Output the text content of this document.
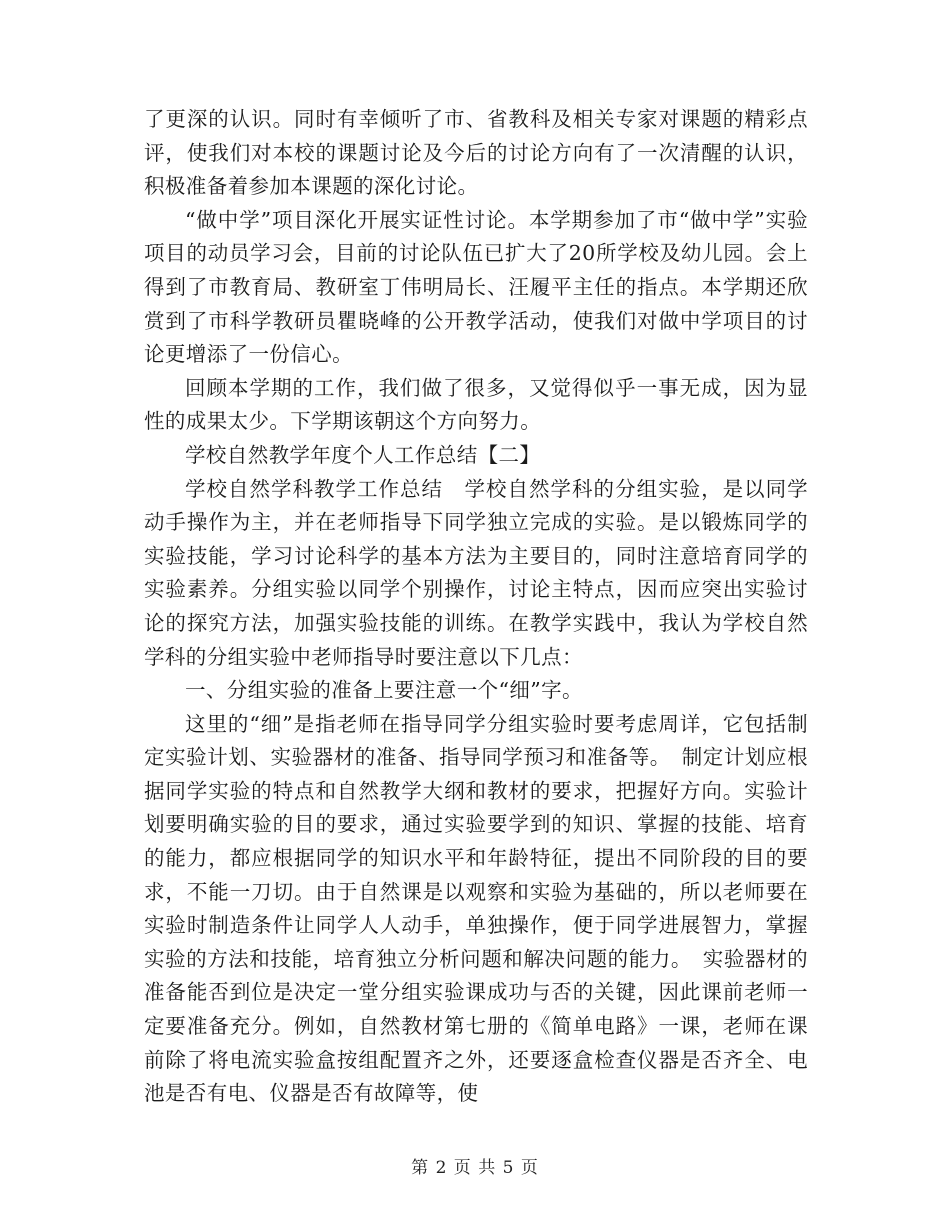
了更深的认识。同时有幸倾听了市、省教科及相关专家对课题的精彩点评，使我们对本校的课题讨论及今后的讨论方向有了一次清醒的认识，积极准备着参加本课题的深化讨论。

“做中学”项目深化开展实证性讨论。本学期参加了市“做中学”实验项目的动员学习会，目前的讨论队伍已扩大了20所学校及幼儿园。会上得到了市教育局、教研室丁伟明局长、汪履平主任的指点。本学期还欣赏到了市科学教研员瞿晓峰的公开教学活动，使我们对做中学项目的讨论更增添了一份信心。

回顾本学期的工作，我们做了很多，又觉得似乎一事无成，因为显性的成果太少。下学期该朝这个方向努力。

学校自然教学年度个人工作总结【二】

学校自然学科教学工作总结　学校自然学科的分组实验，是以同学动手操作为主，并在老师指导下同学独立完成的实验。是以锻炼同学的实验技能，学习讨论科学的基本方法为主要目的，同时注意培育同学的实验素养。分组实验以同学个别操作，讨论主特点，因而应突出实验讨论的探究方法，加强实验技能的训练。在教学实践中，我认为学校自然学科的分组实验中老师指导时要注意以下几点：

一、分组实验的准备上要注意一个“细”字。

这里的“细”是指老师在指导同学分组实验时要考虑周详，它包括制定实验计划、实验器材的准备、指导同学预习和准备等。　制定计划应根据同学实验的特点和自然教学大纲和教材的要求，把握好方向。实验计划要明确实验的目的要求，通过实验要学到的知识、掌握的技能、培育的能力，都应根据同学的知识水平和年龄特征，提出不同阶段的目的要求，不能一刀切。由于自然课是以观察和实验为基础的，所以老师要在实验时制造条件让同学人人动手，单独操作，便于同学进展智力，掌握实验的方法和技能，培育独立分析问题和解决问题的能力。　实验器材的准备能否到位是决定一堂分组实验课成功与否的关键，因此课前老师一定要准备充分。例如，自然教材第七册的《简单电路》一课，老师在课前除了将电流实验盒按组配置齐之外，还要逐盒检查仪器是否齐全、电池是否有电、仪器是否有故障等，使

第 2 页 共 5 页
